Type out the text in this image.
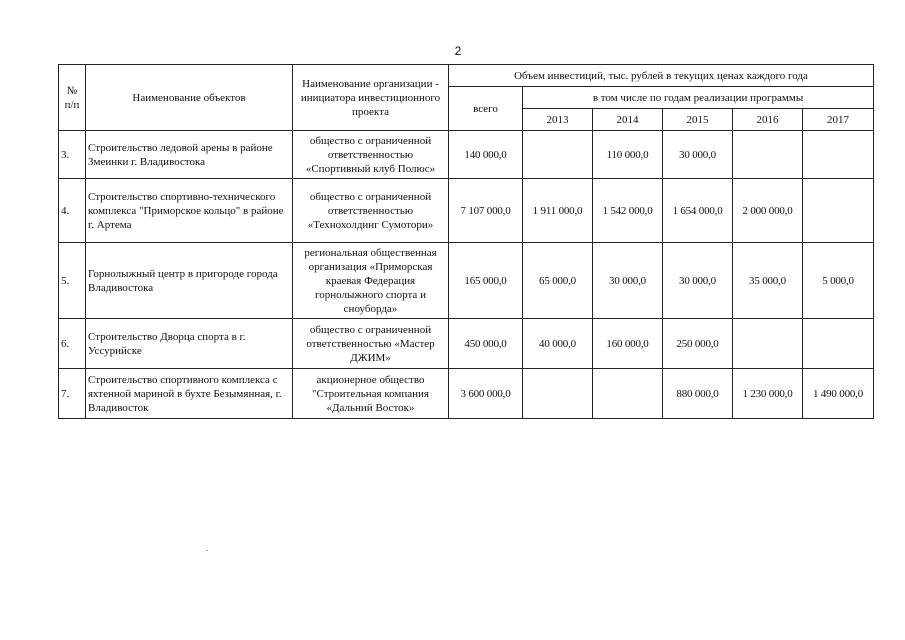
2
№ п/п	Наименование объектов	Наименование организации - инициатора инвестиционного проекта	Объем инвестиций, тыс. рублей в текущих ценах каждого года					
			всего	в том числе по годам реализации программы				
				2013	2014	2015	2016	2017
3.	Строительство ледовой арены в районе Змеинки г. Владивостока	общество с ограниченной ответственностью «Спортивный клуб Полюс»	140 000,0		110 000,0	30 000,0		
4.	Строительство спортивно-технического комплекса "Приморское кольцо" в районе г. Артема	общество с ограниченной ответственностью «Технохолдинг Сумотори»	7 107 000,0	1 911 000,0	1 542 000,0	1 654 000,0	2 000 000,0	
5.	Горнолыжный центр в пригороде города Владивостока	региональная общественная организация «Приморская краевая Федерация горнолыжного спорта и сноуборда»	165 000,0	65 000,0	30 000,0	30 000,0	35 000,0	5 000,0
6.	Строительство Дворца спорта в г. Уссурийске	общество с ограниченной ответственностью «Мастер ДЖИМ»	450 000,0	40 000,0	160 000,0	250 000,0		
7.	Строительство спортивного комплекса с яхтенной мариной в бухте Безымянная, г. Владивосток	акционерное общество "Строительная компания «Дальний Восток»	3 600 000,0			880 000,0	1 230 000,0	1 490 000,0
